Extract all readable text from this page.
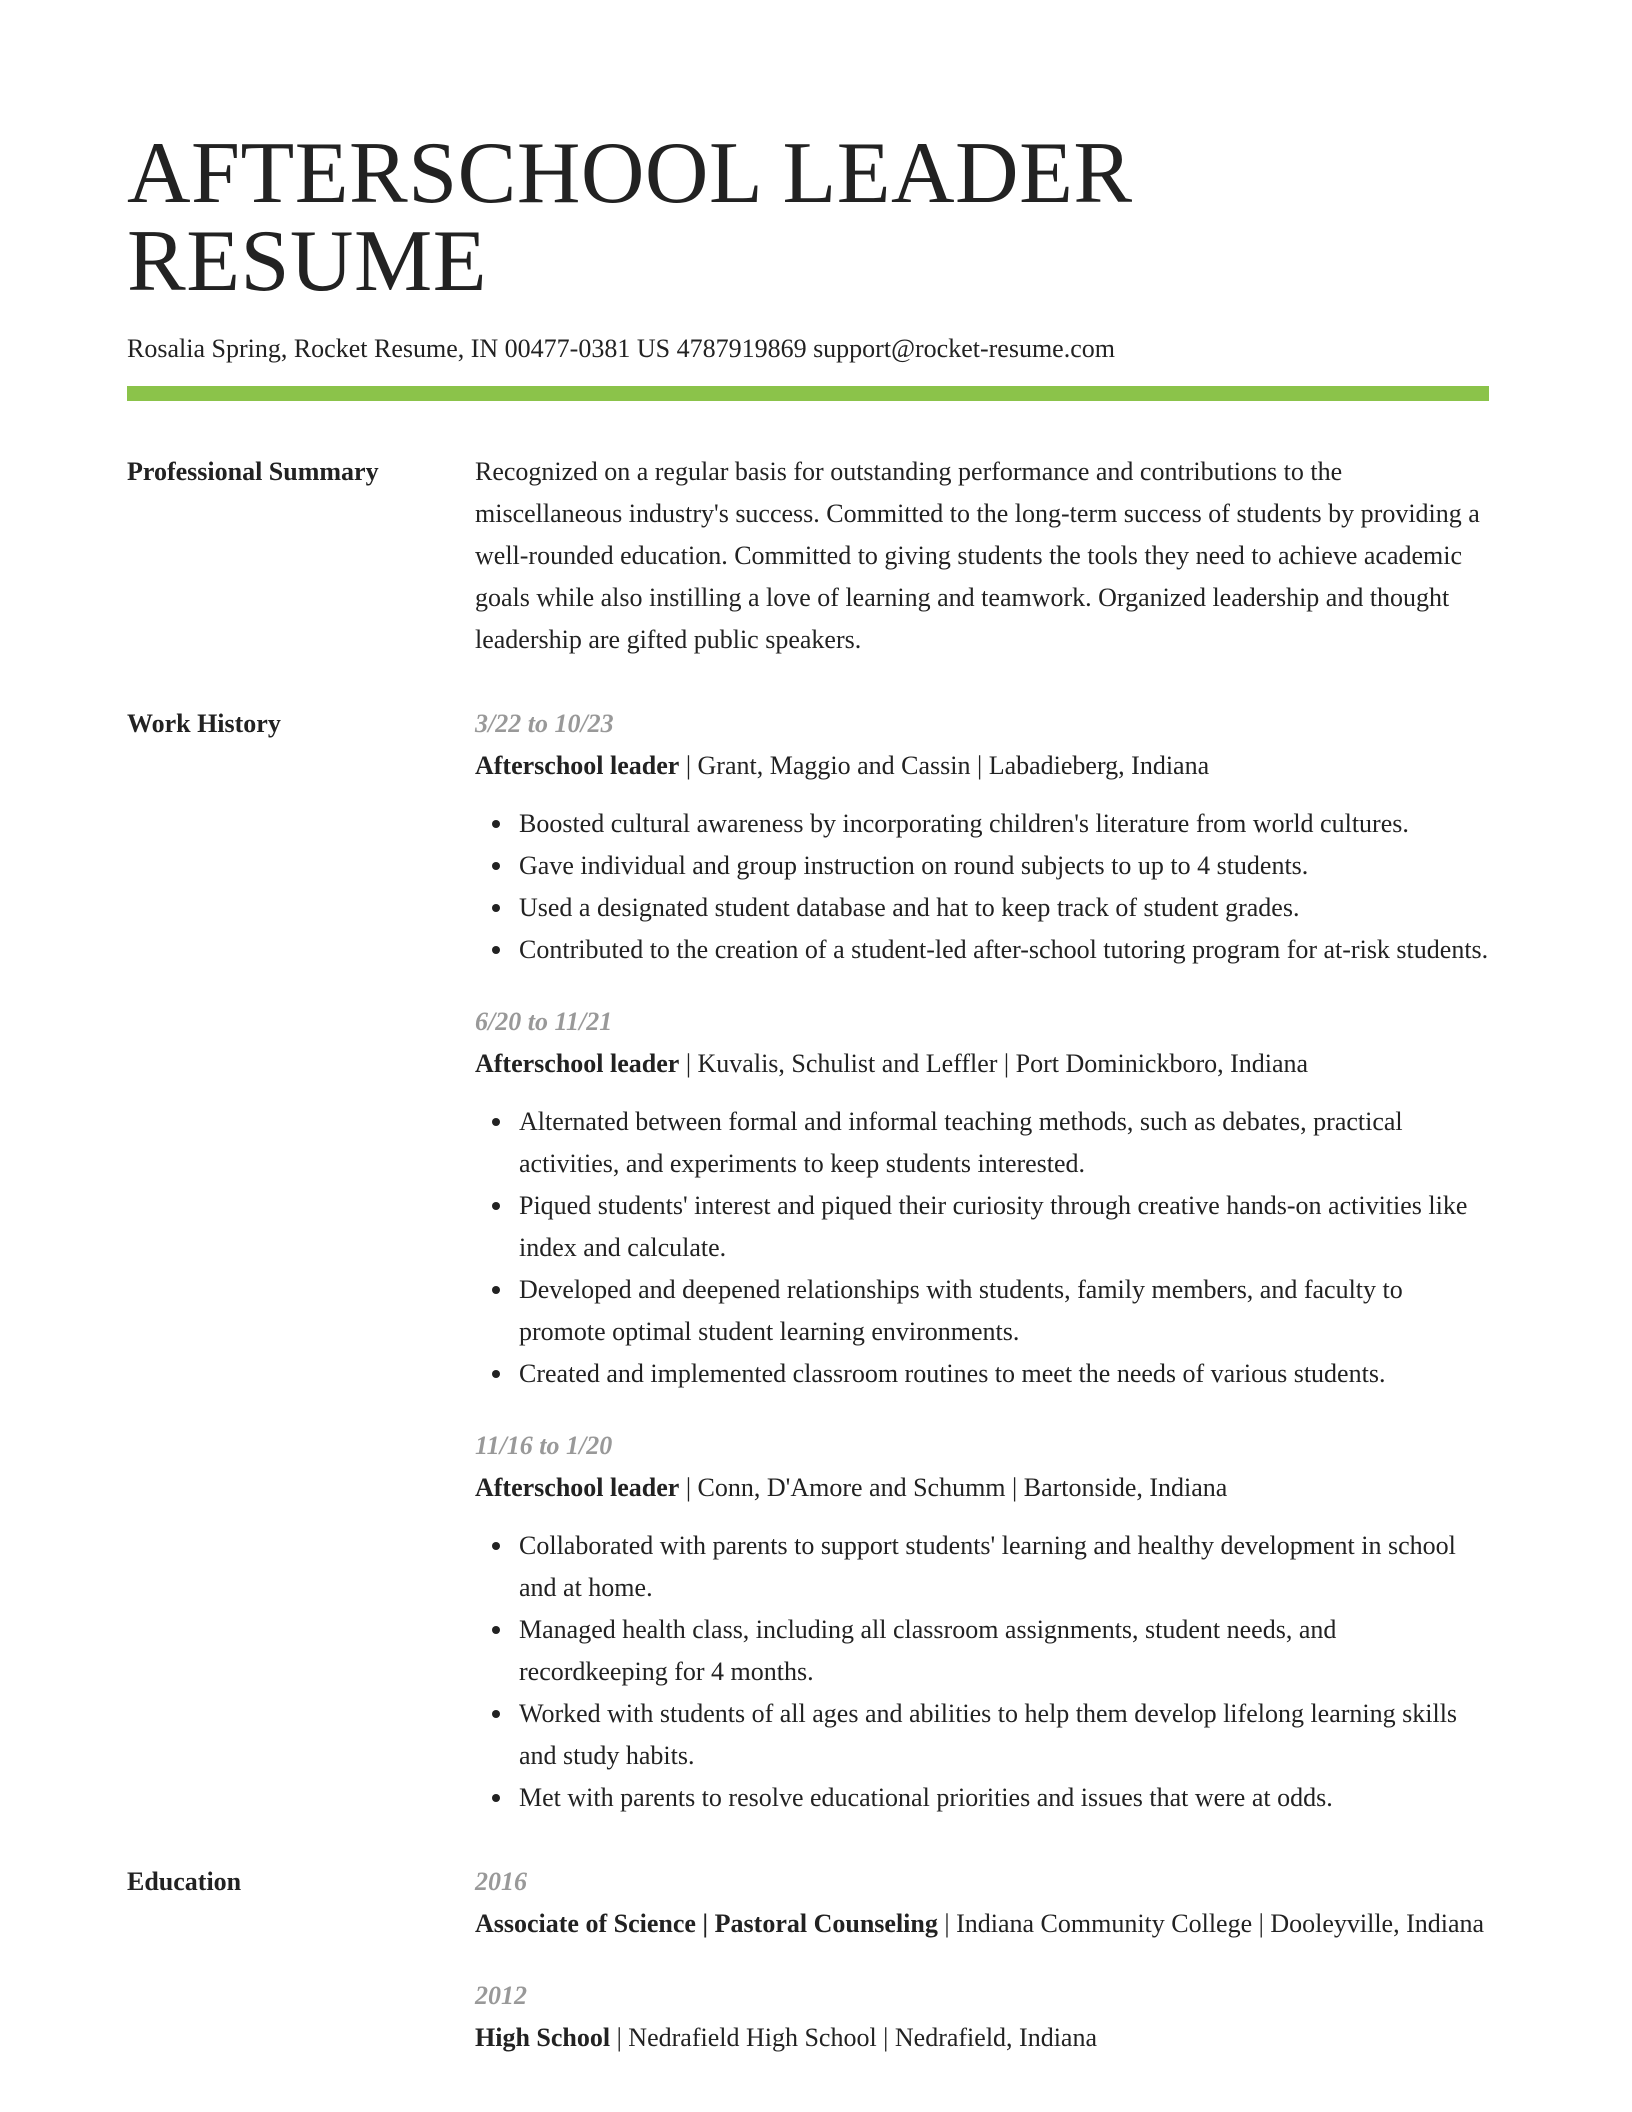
AFTERSCHOOL LEADER RESUME
Rosalia Spring, Rocket Resume, IN 00477-0381 US 4787919869 support@rocket-resume.com
Professional Summary	Recognized on a regular basis for outstanding performance and contributions to the miscellaneous industry's success. Committed to the long-term success of students by providing a well-rounded education. Committed to giving students the tools they need to achieve academic goals while also instilling a love of learning and teamwork. Organized leadership and thought leadership are gifted public speakers.

Work History	3/22 to 10/23
Afterschool leader | Grant, Maggio and Cassin | Labadieberg, Indiana
Boosted cultural awareness by incorporating children's literature from world cultures.
Gave individual and group instruction on round subjects to up to 4 students.
Used a designated student database and hat to keep track of student grades.
Contributed to the creation of a student-led after-school tutoring program for at-risk students.
6/20 to 11/21
Afterschool leader | Kuvalis, Schulist and Leffler | Port Dominickboro, Indiana
Alternated between formal and informal teaching methods, such as debates, practical activities, and experiments to keep students interested.
Piqued students' interest and piqued their curiosity through creative hands-on activities like index and calculate.
Developed and deepened relationships with students, family members, and faculty to promote optimal student learning environments.
Created and implemented classroom routines to meet the needs of various students.
11/16 to 1/20
Afterschool leader | Conn, D'Amore and Schumm | Bartonside, Indiana
Collaborated with parents to support students' learning and healthy development in school and at home.
Managed health class, including all classroom assignments, student needs, and recordkeeping for 4 months.
Worked with students of all ages and abilities to help them develop lifelong learning skills and study habits.
Met with parents to resolve educational priorities and issues that were at odds.
Education	2016
Associate of Science | Pastoral Counseling | Indiana Community College | Dooleyville, Indiana
2012
High School | Nedrafield High School | Nedrafield, Indiana
